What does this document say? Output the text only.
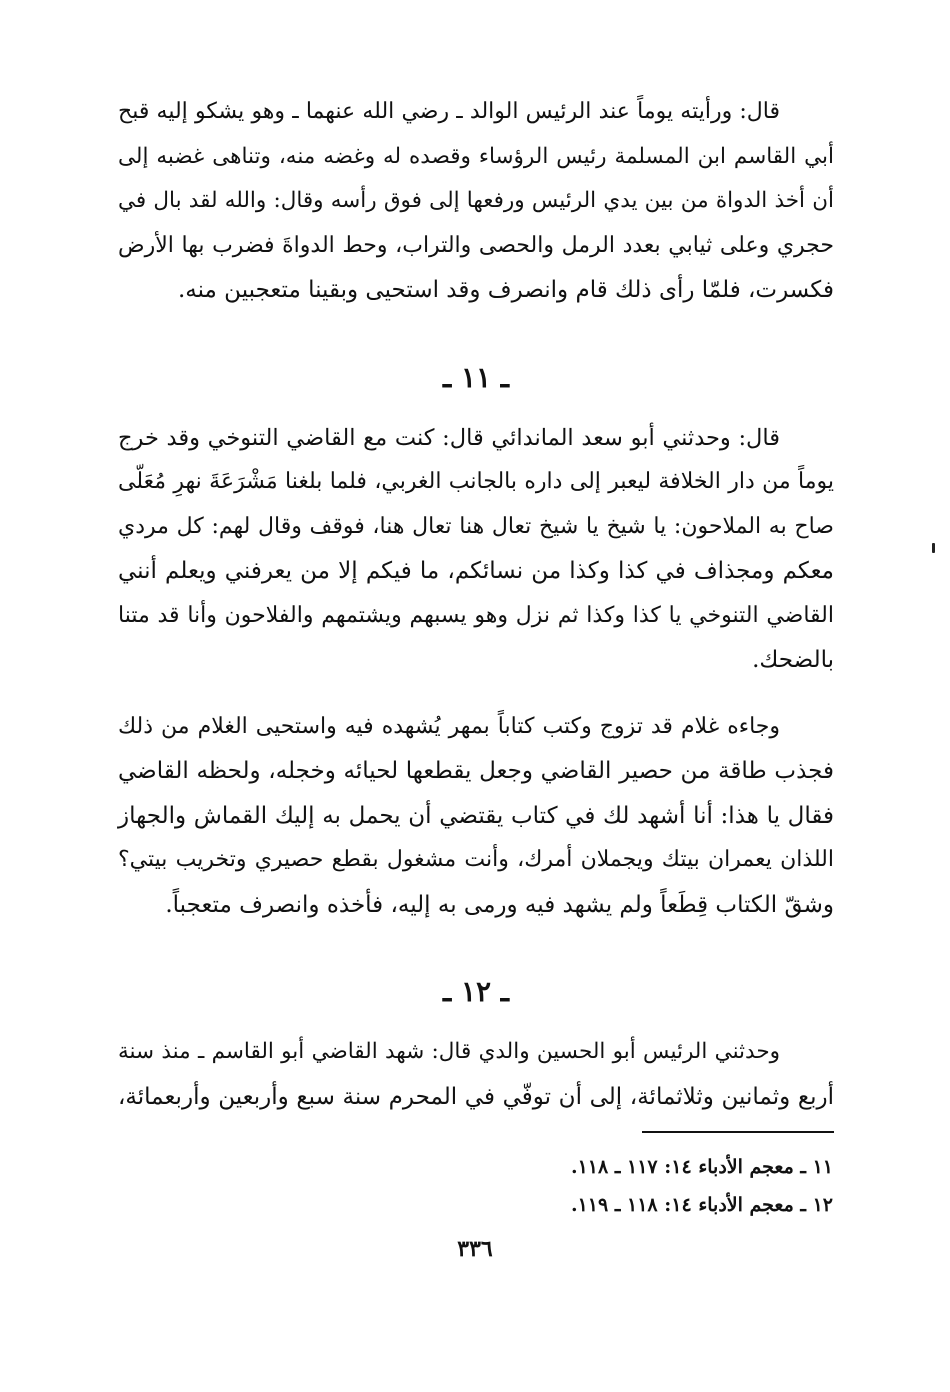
قال: ورأيته يوماً عند الرئيس الوالد ـ رضي الله عنهما ـ وهو يشكو إليه قبح
أبي القاسم ابن المسلمة رئيس الرؤساء وقصده له وغضه منه، وتناهى غضبه إلى
أن أخذ الدواة من بين يدي الرئيس ورفعها إلى فوق رأسه وقال: والله لقد بال في
حجري وعلى ثيابي بعدد الرمل والحصى والتراب، وحط الدواةَ فضرب بها الأرض
فكسرت، فلمّا رأى ذلك قام وانصرف وقد استحيى وبقينا متعجبين منه.

ـ ١١ ـ

قال: وحدثني أبو سعد الماندائي قال: كنت مع القاضي التنوخي وقد خرج
يوماً من دار الخلافة ليعبر إلى داره بالجانب الغربي، فلما بلغنا مَشْرَعَةَ نهرِ مُعَلّى
صاح به الملاحون: يا شيخ يا شيخ تعال هنا تعال هنا، فوقف وقال لهم: كل مردي
معكم ومجذاف في كذا وكذا من نسائكم، ما فيكم إلا من يعرفني ويعلم أنني
القاضي التنوخي يا كذا وكذا ثم نزل وهو يسبهم ويشتمهم والفلاحون وأنا قد متنا
بالضحك.

وجاءه غلام قد تزوج وكتب كتاباً بمهر يُشهده فيه واستحيى الغلام من ذلك
فجذب طاقة من حصير القاضي وجعل يقطعها لحيائه وخجله، ولحظه القاضي
فقال يا هذا: أنا أشهد لك في كتاب يقتضي أن يحمل به إليك القماش والجهاز
اللذان يعمران بيتك ويجملان أمرك، وأنت مشغول بقطع حصيري وتخريب بيتي؟
وشقّ الكتاب قِطَعاً ولم يشهد فيه ورمى به إليه، فأخذه وانصرف متعجباً.

ـ ١٢ ـ

وحدثني الرئيس أبو الحسين والدي قال: شهد القاضي أبو القاسم ـ منذ سنة
أربع وثمانين وثلاثمائة، إلى أن توفّي في المحرم سنة سبع وأربعين وأربعمائة،

١١ ـ معجم الأدباء ١٤: ١١٧ ـ ١١٨.
١٢ ـ معجم الأدباء ١٤: ١١٨ ـ ١١٩.
٣٣٦
